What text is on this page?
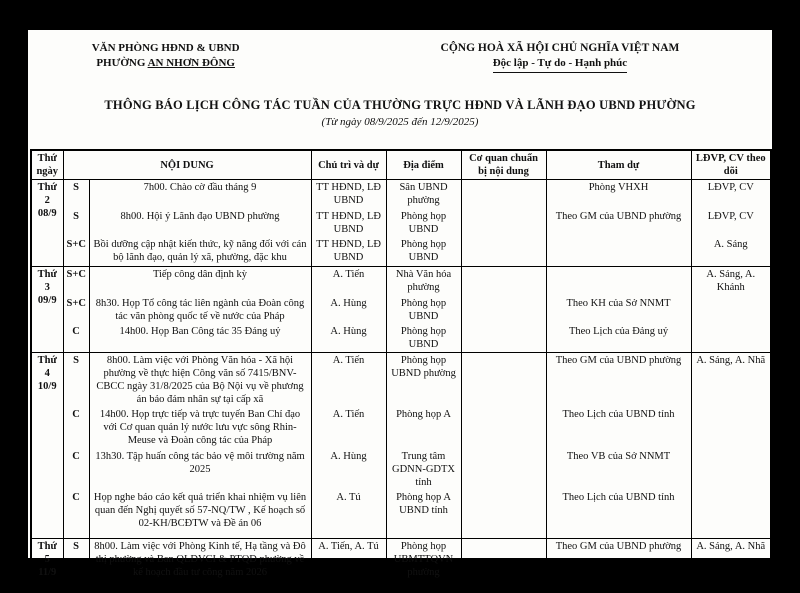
VĂN PHÒNG HĐND & UBND
PHƯỜNG AN NHƠN ĐÔNG
CỘNG HOÀ XÃ HỘI CHỦ NGHĨA VIỆT NAM
Độc lập - Tự do - Hạnh phúc
THÔNG BÁO LỊCH CÔNG TÁC TUẦN CỦA THƯỜNG TRỰC HĐND VÀ LÃNH ĐẠO UBND PHƯỜNG
(Từ ngày 08/9/2025 đến 12/9/2025)
Thứ ngày	NỘI DUNG		Chủ trì và dự	Địa điểm	Cơ quan chuẩn bị nội dung	Tham dự	LĐVP, CV theo dõi

Thứ 2
08/9	S	7h00. Chào cờ đầu tháng 9	TT HĐND, LĐ UBND	Sân UBND phường		Phòng VHXH	LĐVP, CV
	S	8h00. Hội ý Lãnh đạo UBND phường	TT HĐND, LĐ UBND	Phòng họp UBND		Theo GM của UBND phường	LĐVP, CV
	S+C	Bồi dưỡng cập nhật kiến thức, kỹ năng đối với cán bộ lãnh đạo, quản lý xã, phường, đặc khu	TT HĐND, LĐ UBND	Phòng họp UBND			A. Sáng

Thứ 3
09/9	S+C	Tiếp công dân định kỳ	A. Tiến	Nhà Văn hóa phường			A. Sáng, A. Khánh
	S+C	8h30. Họp Tổ công tác liên ngành của Đoàn công tác văn phòng quốc tế về nước của Pháp	A. Hùng	Phòng họp UBND		Theo KH của Sở NNMT	
	C	14h00. Họp Ban Công tác 35 Đảng uỷ	A. Hùng	Phòng họp UBND		Theo Lịch của Đảng uỷ	

Thứ 4
10/9	S	8h00. Làm việc với Phòng Văn hóa - Xã hội phường về thực hiện Công văn số 7415/BNV-CBCC ngày 31/8/2025 của Bộ Nội vụ về phương án bảo đảm nhân sự tại cấp xã	A. Tiến	Phòng họp UBND phường		Theo GM của UBND phường	A. Sáng, A. Nhã
	C	14h00. Họp trực tiếp và trực tuyến Ban Chỉ đạo với Cơ quan quản lý nước lưu vực sông Rhin-Meuse và Đoàn công tác của Pháp	A. Tiến	Phòng họp A		Theo Lịch của UBND tỉnh	
	C	13h30. Tập huấn công tác bảo vệ môi trường năm 2025	A. Hùng	Trung tâm GDNN-GDTX tỉnh		Theo VB của Sở NNMT	
	C	Họp nghe báo cáo kết quả triển khai nhiệm vụ liên quan đến Nghị quyết số 57-NQ/TW , Kế hoạch số 02-KH/BCĐTW và Đề án 06	A. Tú	Phòng họp A UBND tỉnh		Theo Lịch của UBND tỉnh	

Thứ 5
11/9	S	8h00. Làm việc với Phòng Kinh tế, Hạ tầng và Đô thị phường và Ban QLDVCI & PTQĐ phường về kế hoạch đầu tư công năm 2026	A. Tiến, A. Tú	Phòng họp UBMTTQVN phường		Theo GM của UBND phường	A. Sáng, A. Nhã
